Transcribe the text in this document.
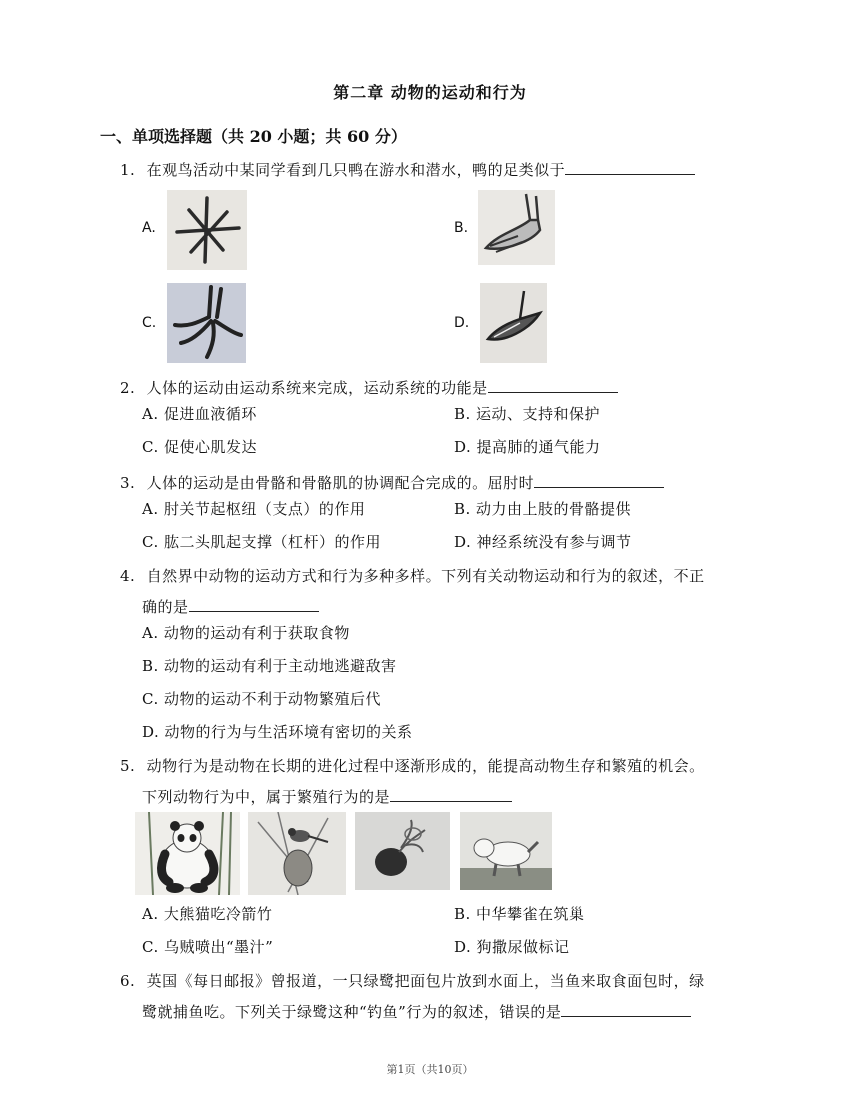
第二章 动物的运动和行为
一、单项选择题（共 20 小题；共 60 分）
1. 在观鸟活动中某同学看到几只鸭在游水和潜水，鸭的足类似于
A.	B.
C.	D.
2. 人体的运动由运动系统来完成，运动系统的功能是
A. 促进血液循环	B. 运动、支持和保护
C. 促使心肌发达	D. 提高肺的通气能力
3. 人体的运动是由骨骼和骨骼肌的协调配合完成的。屈肘时
A. 肘关节起枢纽（支点）的作用	B. 动力由上肢的骨骼提供
C. 肱二头肌起支撑（杠杆）的作用	D. 神经系统没有参与调节
4. 自然界中动物的运动方式和行为多种多样。下列有关动物运动和行为的叙述，不正
确的是
A. 动物的运动有利于获取食物
B. 动物的运动有利于主动地逃避敌害
C. 动物的运动不利于动物繁殖后代
D. 动物的行为与生活环境有密切的关系
5. 动物行为是动物在长期的进化过程中逐渐形成的，能提高动物生存和繁殖的机会。
下列动物行为中，属于繁殖行为的是
A. 大熊猫吃冷箭竹	B. 中华攀雀在筑巢
C. 乌贼喷出“墨汁”	D. 狗撒尿做标记
6. 英国《每日邮报》曾报道，一只绿鹭把面包片放到水面上，当鱼来取食面包时，绿
鹭就捕鱼吃。下列关于绿鹭这种“钓鱼”行为的叙述，错误的是
第1页（共10页）
